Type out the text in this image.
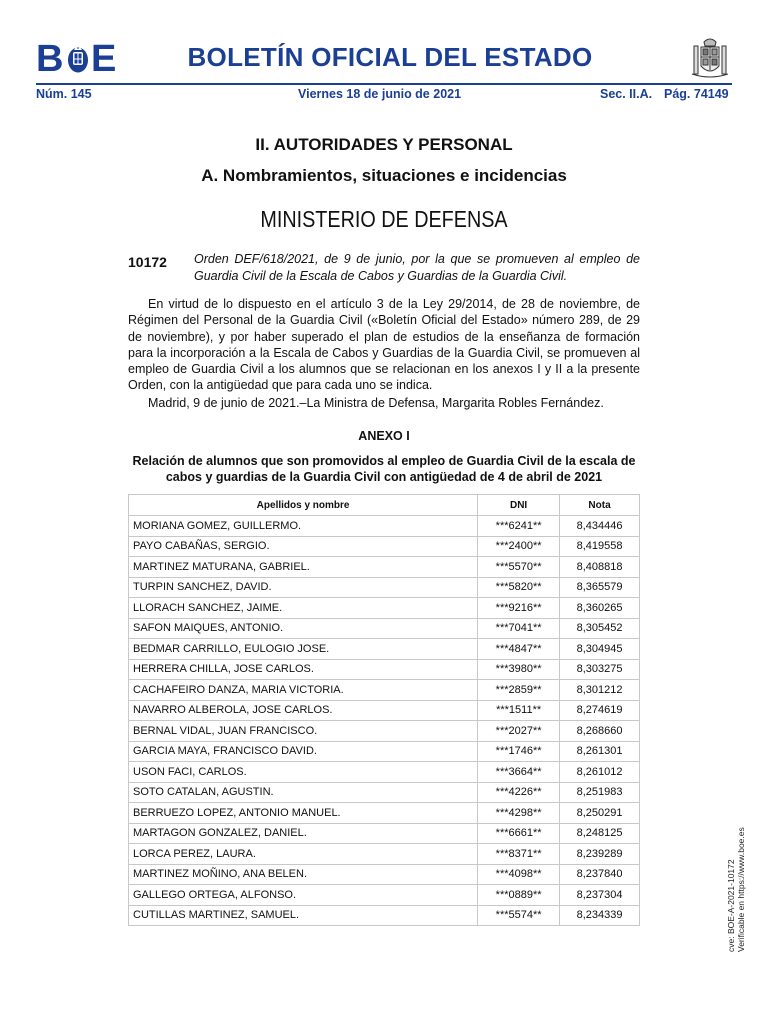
B E	BOLETÍN OFICIAL DEL ESTADO
Núm. 145	Viernes 18 de junio de 2021	Sec. II.A. Pág. 74149
II. AUTORIDADES Y PERSONAL
A. Nombramientos, situaciones e incidencias
MINISTERIO DE DEFENSA
10172 Orden DEF/618/2021, de 9 de junio, por la que se promueven al empleo de Guardia Civil de la Escala de Cabos y Guardias de la Guardia Civil.
En virtud de lo dispuesto en el artículo 3 de la Ley 29/2014, de 28 de noviembre, de Régimen del Personal de la Guardia Civil («Boletín Oficial del Estado» número 289, de 29 de noviembre), y por haber superado el plan de estudios de la enseñanza de formación para la incorporación a la Escala de Cabos y Guardias de la Guardia Civil, se promueven al empleo de Guardia Civil a los alumnos que se relacionan en los anexos I y II a la presente Orden, con la antigüedad que para cada uno se indica.
Madrid, 9 de junio de 2021.–La Ministra de Defensa, Margarita Robles Fernández.
ANEXO I
Relación de alumnos que son promovidos al empleo de Guardia Civil de la escala de cabos y guardias de la Guardia Civil con antigüedad de 4 de abril de 2021
Apellidos y nombre	DNI	Nota
MORIANA GOMEZ, GUILLERMO.	***6241**	8,434446
PAYO CABAÑAS, SERGIO.	***2400**	8,419558
MARTINEZ MATURANA, GABRIEL.	***5570**	8,408818
TURPIN SANCHEZ, DAVID.	***5820**	8,365579
LLORACH SANCHEZ, JAIME.	***9216**	8,360265
SAFON MAIQUES, ANTONIO.	***7041**	8,305452
BEDMAR CARRILLO, EULOGIO JOSE.	***4847**	8,304945
HERRERA CHILLA, JOSE CARLOS.	***3980**	8,303275
CACHAFEIRO DANZA, MARIA VICTORIA.	***2859**	8,301212
NAVARRO ALBEROLA, JOSE CARLOS.	***1511**	8,274619
BERNAL VIDAL, JUAN FRANCISCO.	***2027**	8,268660
GARCIA MAYA, FRANCISCO DAVID.	***1746**	8,261301
USON FACI, CARLOS.	***3664**	8,261012
SOTO CATALAN, AGUSTIN.	***4226**	8,251983
BERRUEZO LOPEZ, ANTONIO MANUEL.	***4298**	8,250291
MARTAGON GONZALEZ, DANIEL.	***6661**	8,248125
LORCA PEREZ, LAURA.	***8371**	8,239289
MARTINEZ MOÑINO, ANA BELEN.	***4098**	8,237840
GALLEGO ORTEGA, ALFONSO.	***0889**	8,237304
CUTILLAS MARTINEZ, SAMUEL.	***5574**	8,234339	cve: BOE-A-2021-10172 Verificable en https://www.boe.es
